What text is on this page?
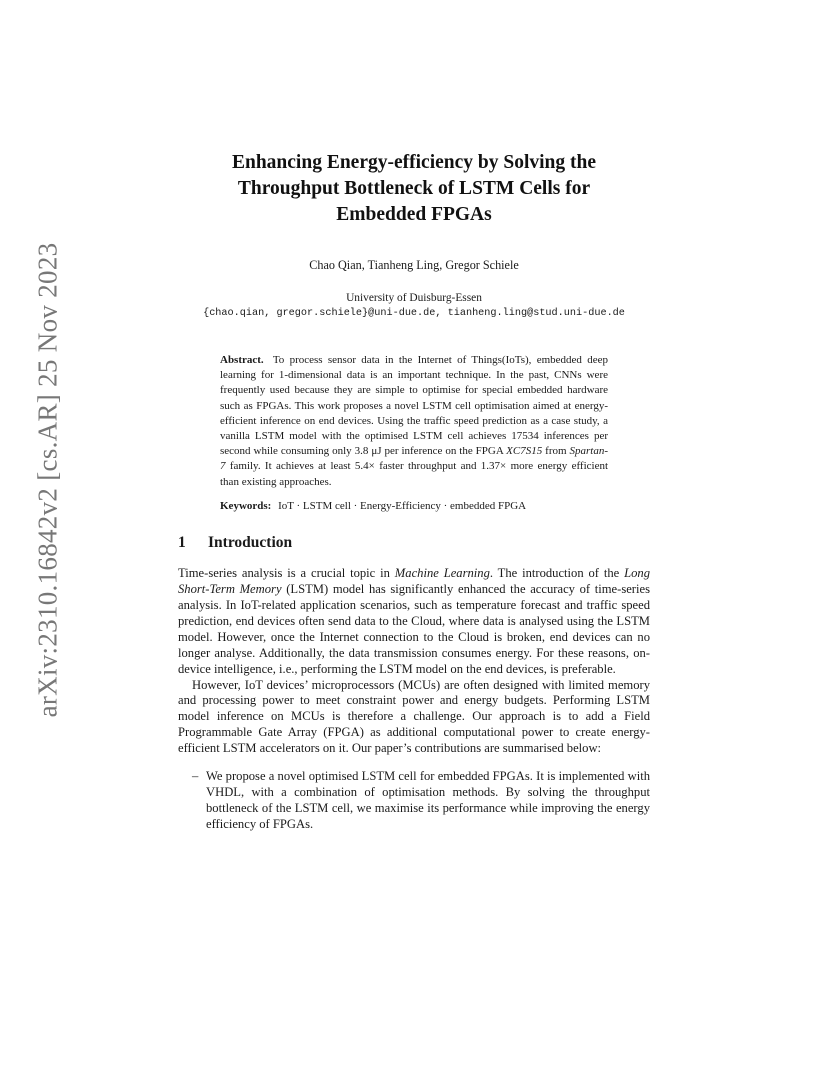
arXiv:2310.16842v2 [cs.AR] 25 Nov 2023
Enhancing Energy-efficiency by Solving the
Throughput Bottleneck of LSTM Cells for
Embedded FPGAs
Chao Qian, Tianheng Ling, Gregor Schiele
University of Duisburg-Essen
{chao.qian, gregor.schiele}@uni-due.de, tianheng.ling@stud.uni-due.de
Abstract. To process sensor data in the Internet of Things(IoTs), embedded deep learning for 1-dimensional data is an important technique. In the past, CNNs were frequently used because they are simple to optimise for special embedded hardware such as FPGAs. This work proposes a novel LSTM cell optimisation aimed at energy-efficient inference on end devices. Using the traffic speed prediction as a case study, a vanilla LSTM model with the optimised LSTM cell achieves 17534 inferences per second while consuming only 3.8 μJ per inference on the FPGA XC7S15 from Spartan-7 family. It achieves at least 5.4× faster throughput and 1.37× more energy efficient than existing approaches.
Keywords: IoT · LSTM cell · Energy-Efficiency · embedded FPGA
1 Introduction

Time-series analysis is a crucial topic in Machine Learning. The introduction of the Long Short-Term Memory (LSTM) model has significantly enhanced the accuracy of time-series analysis. In IoT-related application scenarios, such as temperature forecast and traffic speed prediction, end devices often send data to the Cloud, where data is analysed using the LSTM model. However, once the Internet connection to the Cloud is broken, end devices can no longer analyse. Additionally, the data transmission consumes energy. For these reasons, on-device intelligence, i.e., performing the LSTM model on the end devices, is preferable.

However, IoT devices’ microprocessors (MCUs) are often designed with limited memory and processing power to meet constraint power and energy budgets. Performing LSTM model inference on MCUs is therefore a challenge. Our approach is to add a Field Programmable Gate Array (FPGA) as additional computational power to create energy-efficient LSTM accelerators on it. Our paper’s contributions are summarised below:

– We propose a novel optimised LSTM cell for embedded FPGAs. It is implemented with VHDL, with a combination of optimisation methods. By solving the throughput bottleneck of the LSTM cell, we maximise its performance while improving the energy efficiency of FPGAs.
